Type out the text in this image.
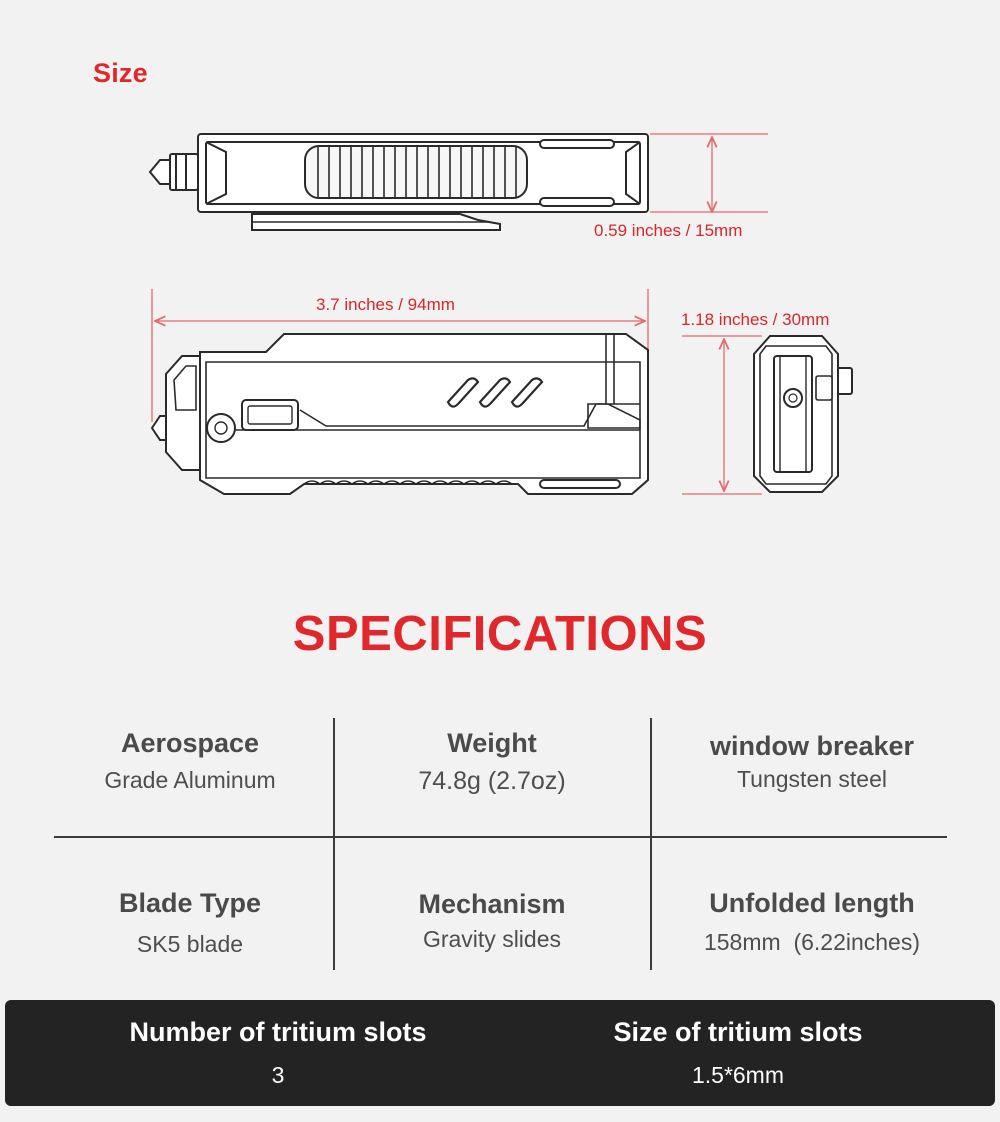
Size
0.59 inches / 15mm
3.7 inches / 94mm
1.18 inches / 30mm
SPECIFICATIONS
Aerospace
Grade Aluminum
Weight
74.8g (2.7oz)
window breaker
Tungsten steel
Blade Type
SK5 blade
Mechanism
Gravity slides
Unfolded length
158mm  (6.22inches)
Number of tritium slots
3
Size of tritium slots
1.5*6mm
